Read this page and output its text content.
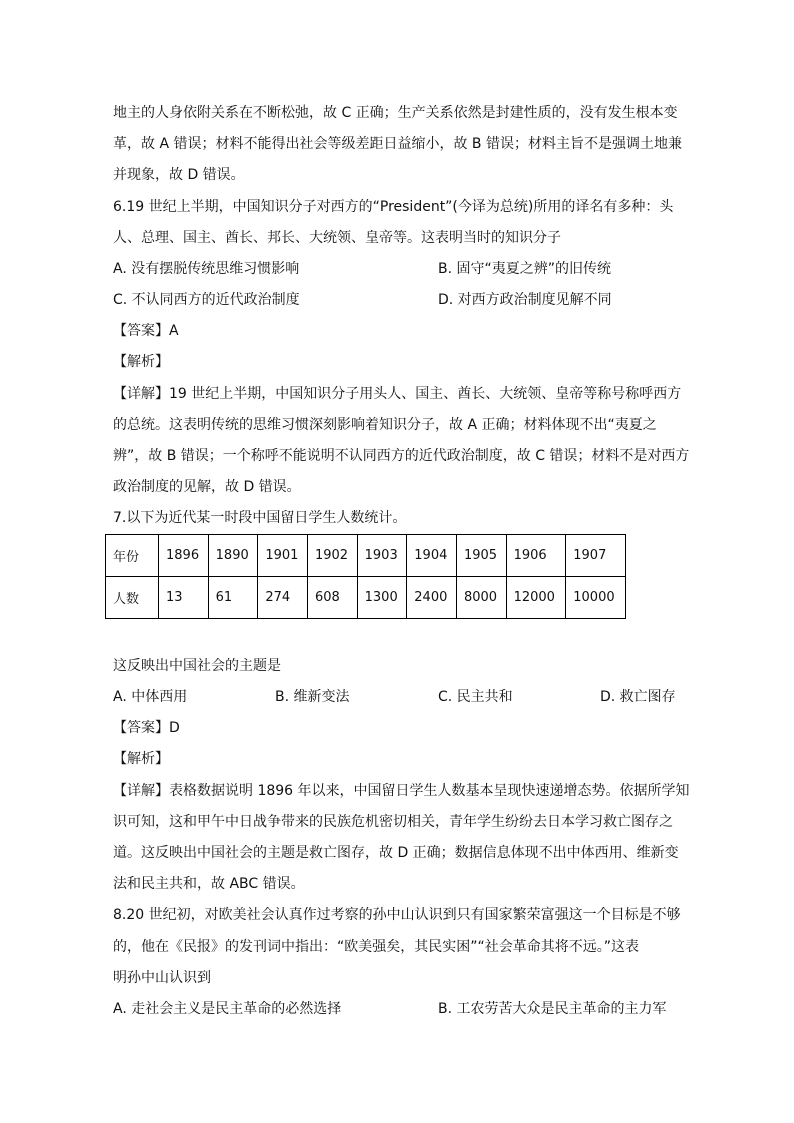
地主的人身依附关系在不断松弛，故 C 正确；生产关系依然是封建性质的，没有发生根本变
革，故 A 错误；材料不能得出社会等级差距日益缩小，故 B 错误；材料主旨不是强调土地兼
并现象，故 D 错误。
6.19 世纪上半期，中国知识分子对西方的“President”(今译为总统)所用的译名有多种：头
人、总理、国主、酋长、邦长、大统领、皇帝等。这表明当时的知识分子
A. 没有摆脱传统思维习惯影响	B. 固守“夷夏之辨”的旧传统
C. 不认同西方的近代政治制度	D. 对西方政治制度见解不同
【答案】A
【解析】
【详解】19 世纪上半期，中国知识分子用头人、国主、酋长、大统领、皇帝等称号称呼西方
的总统。这表明传统的思维习惯深刻影响着知识分子，故 A 正确；材料体现不出“夷夏之
辨”，故 B 错误；一个称呼不能说明不认同西方的近代政治制度，故 C 错误；材料不是对西方
政治制度的见解，故 D 错误。
7.以下为近代某一时段中国留日学生人数统计。
年份	1896	1890	1901	1902	1903	1904	1905	1906	1907
人数	13	61	274	608	1300	2400	8000	12000	10000
这反映出中国社会的主题是
A. 中体西用	B. 维新变法	C. 民主共和	D. 救亡图存
【答案】D
【解析】
【详解】表格数据说明 1896 年以来，中国留日学生人数基本呈现快速递增态势。依据所学知
识可知，这和甲午中日战争带来的民族危机密切相关，青年学生纷纷去日本学习救亡图存之
道。这反映出中国社会的主题是救亡图存，故 D 正确；数据信息体现不出中体西用、维新变
法和民主共和，故 ABC 错误。
8.20 世纪初，对欧美社会认真作过考察的孙中山认识到只有国家繁荣富强这一个目标是不够
的，他在《民报》的发刊词中指出：“欧美强矣，其民实困”“社会革命其将不远。”这表
明孙中山认识到
A. 走社会主义是民主革命的必然选择	B. 工农劳苦大众是民主革命的主力军
